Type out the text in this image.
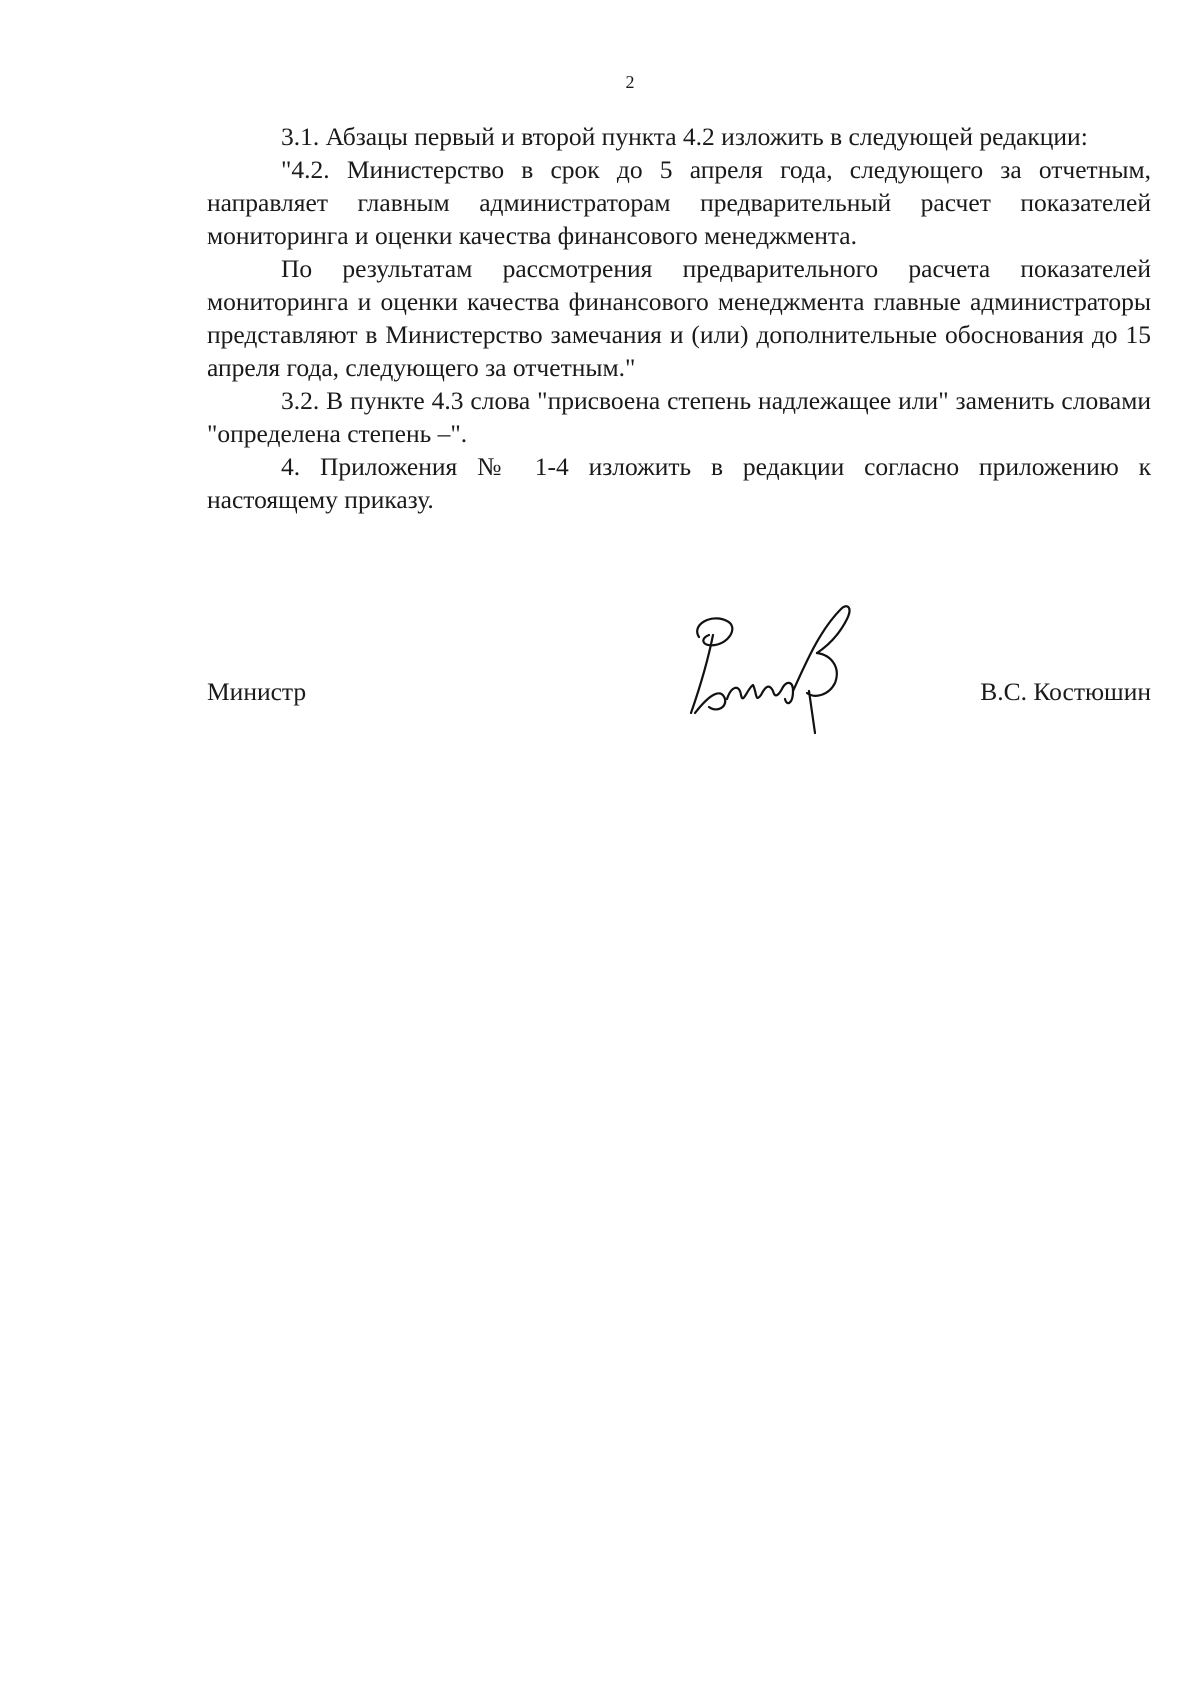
2

3.1. Абзацы первый и второй пункта 4.2 изложить в следующей редакции:

"4.2. Министерство в срок до 5 апреля года, следующего за отчетным, направляет главным администраторам предварительный расчет показателей мониторинга и оценки качества финансового менеджмента.

По результатам рассмотрения предварительного расчета показателей мониторинга и оценки качества финансового менеджмента главные администраторы представляют в Министерство замечания и (или) дополнительные обоснования до 15 апреля года, следующего за отчетным."

3.2. В пункте 4.3 слова "присвоена степень надлежащее или" заменить словами "определена степень –".

4. Приложения № 1-4 изложить в редакции согласно приложению к настоящему приказу.

Министр	В.С. Костюшин
